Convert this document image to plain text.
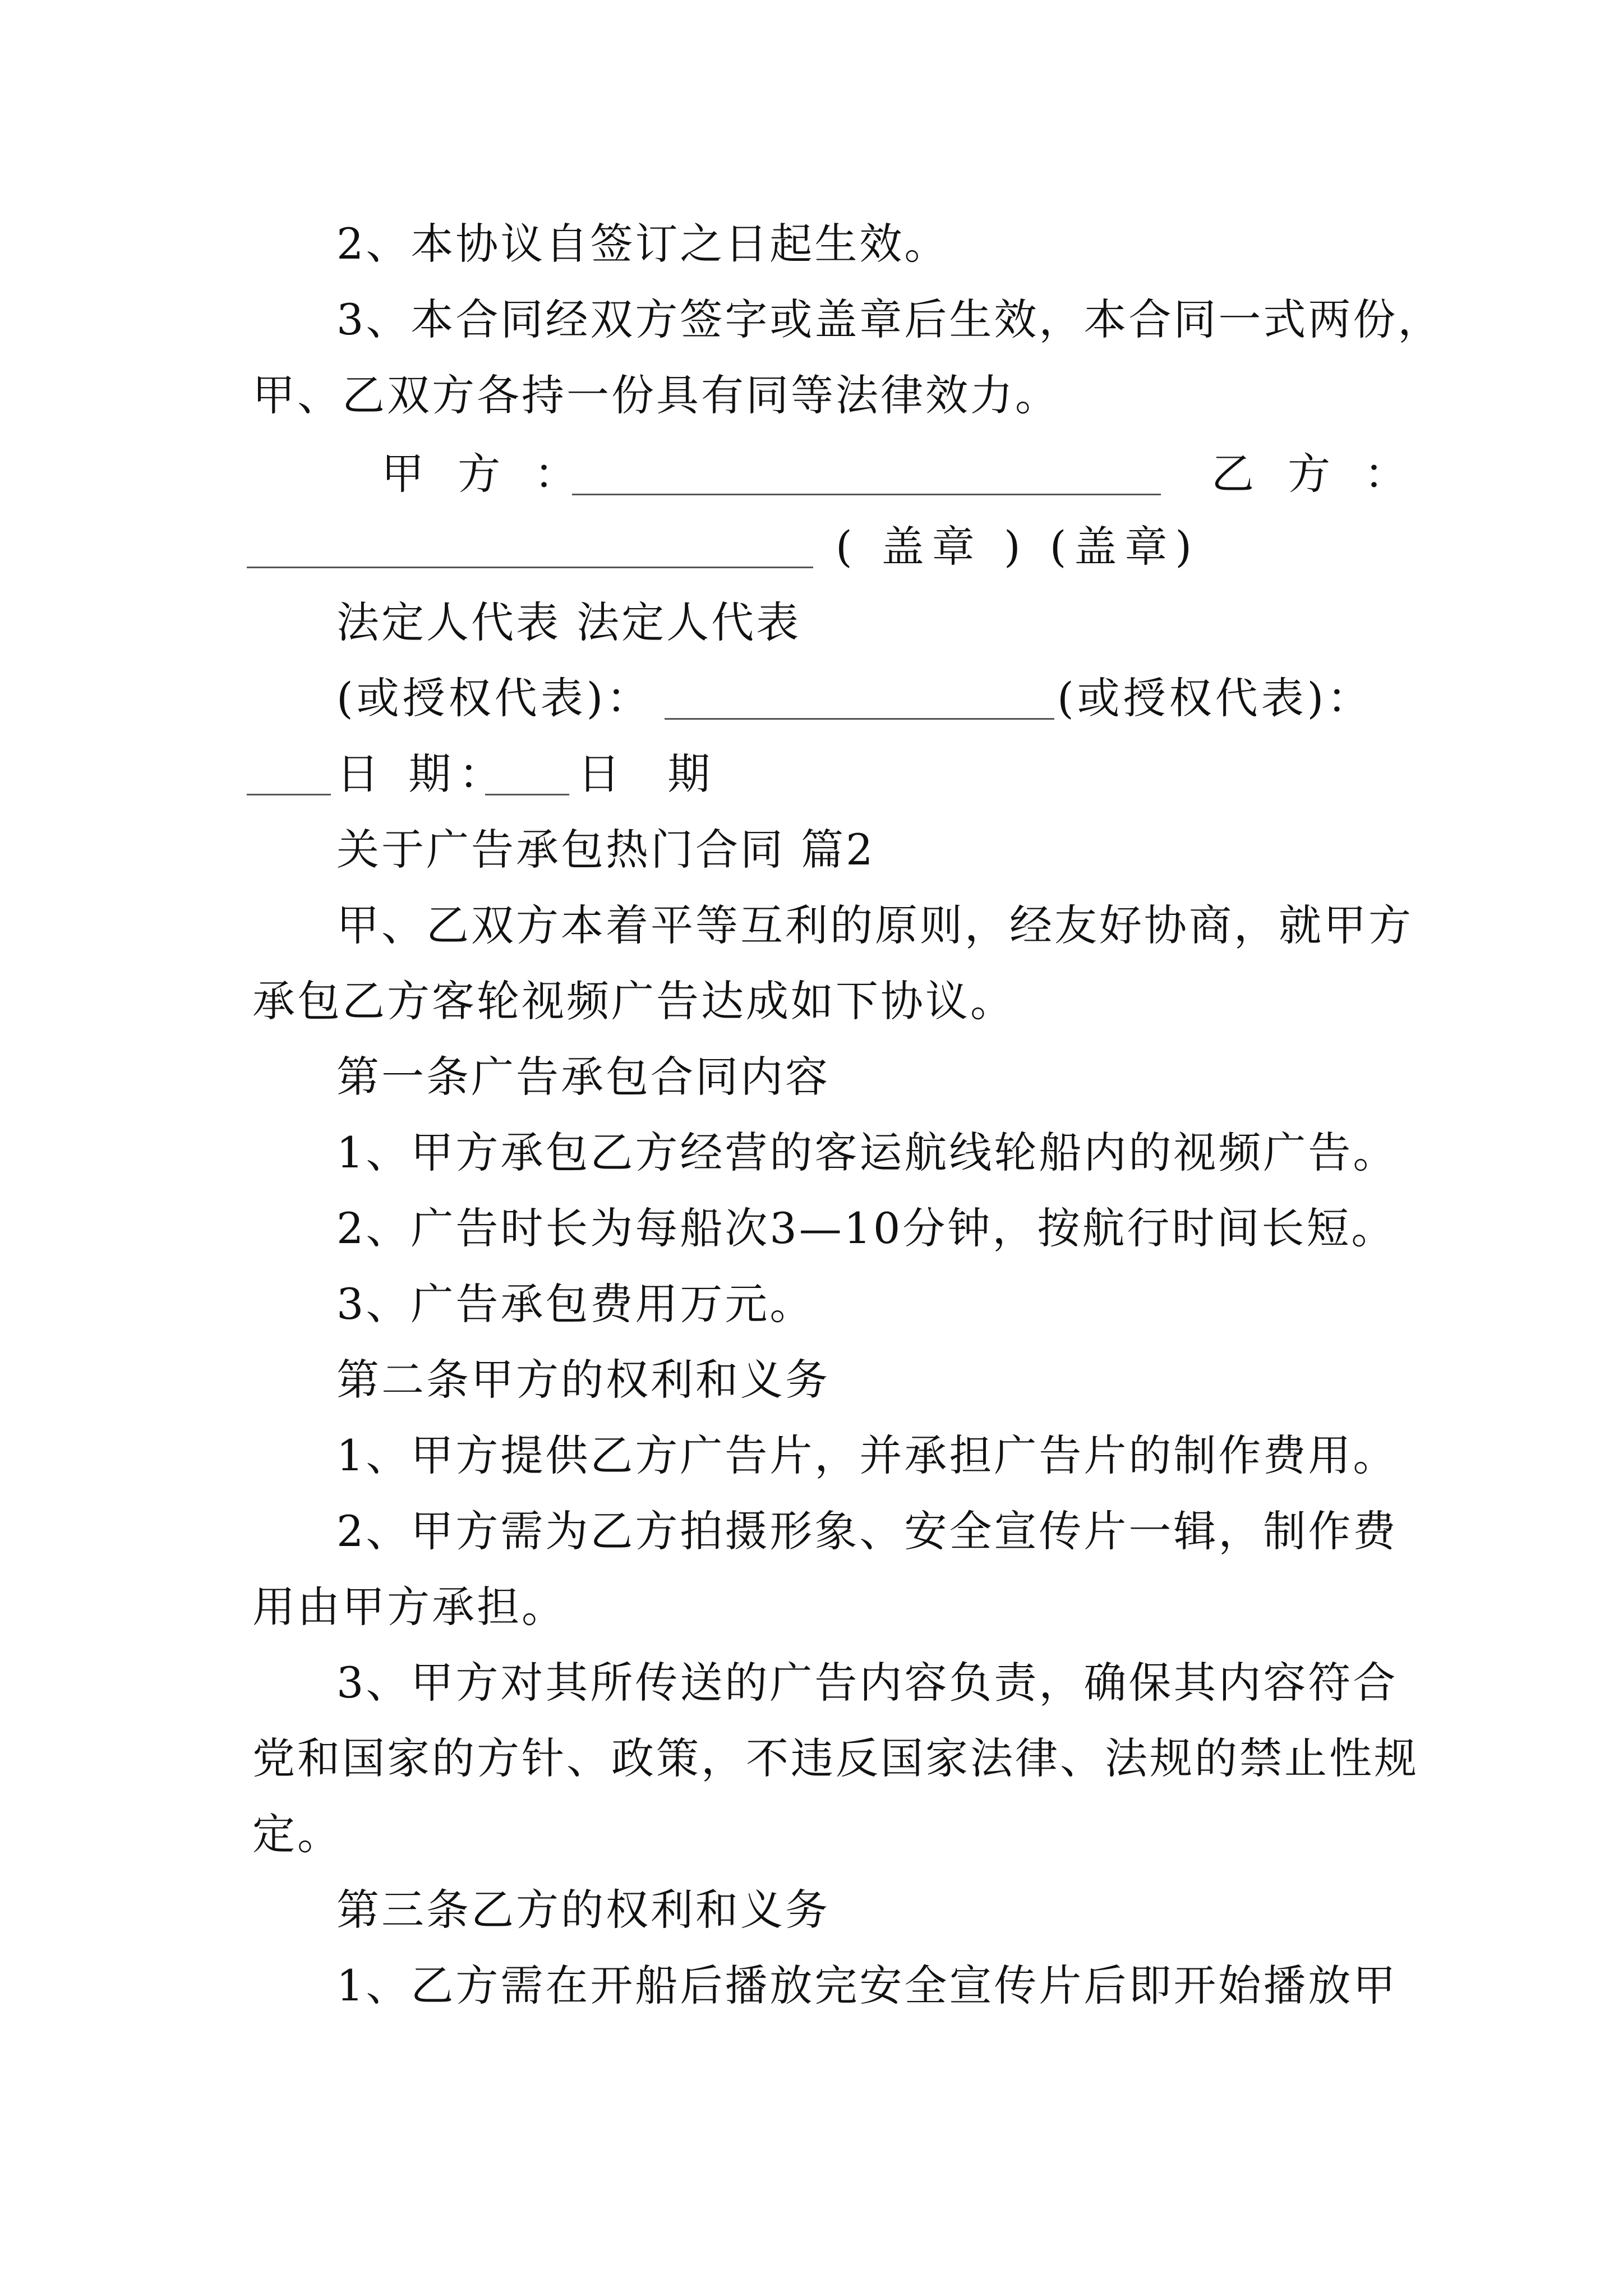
2、本协议自签订之日起生效。
3、本合同经双方签字或盖章后生效，本合同一式两份，
甲、乙双方各持一份具有同等法律效力。
甲 方 ：	乙 方 ：
( 盖章 ) (盖章)
法定人代表 法定人代表
(或授权代表)：	(或授权代表)：
日 期： 日 期
关于广告承包热门合同 篇2
甲、乙双方本着平等互利的原则，经友好协商，就甲方
承包乙方客轮视频广告达成如下协议。
第一条广告承包合同内容
1、甲方承包乙方经营的客运航线轮船内的视频广告。
2、广告时长为每船次3—10分钟，按航行时间长短。
3、广告承包费用万元。
第二条甲方的权利和义务
1、甲方提供乙方广告片，并承担广告片的制作费用。
2、甲方需为乙方拍摄形象、安全宣传片一辑，制作费
用由甲方承担。
3、甲方对其所传送的广告内容负责，确保其内容符合
党和国家的方针、政策，不违反国家法律、法规的禁止性规
定。
第三条乙方的权利和义务
1、乙方需在开船后播放完安全宣传片后即开始播放甲
